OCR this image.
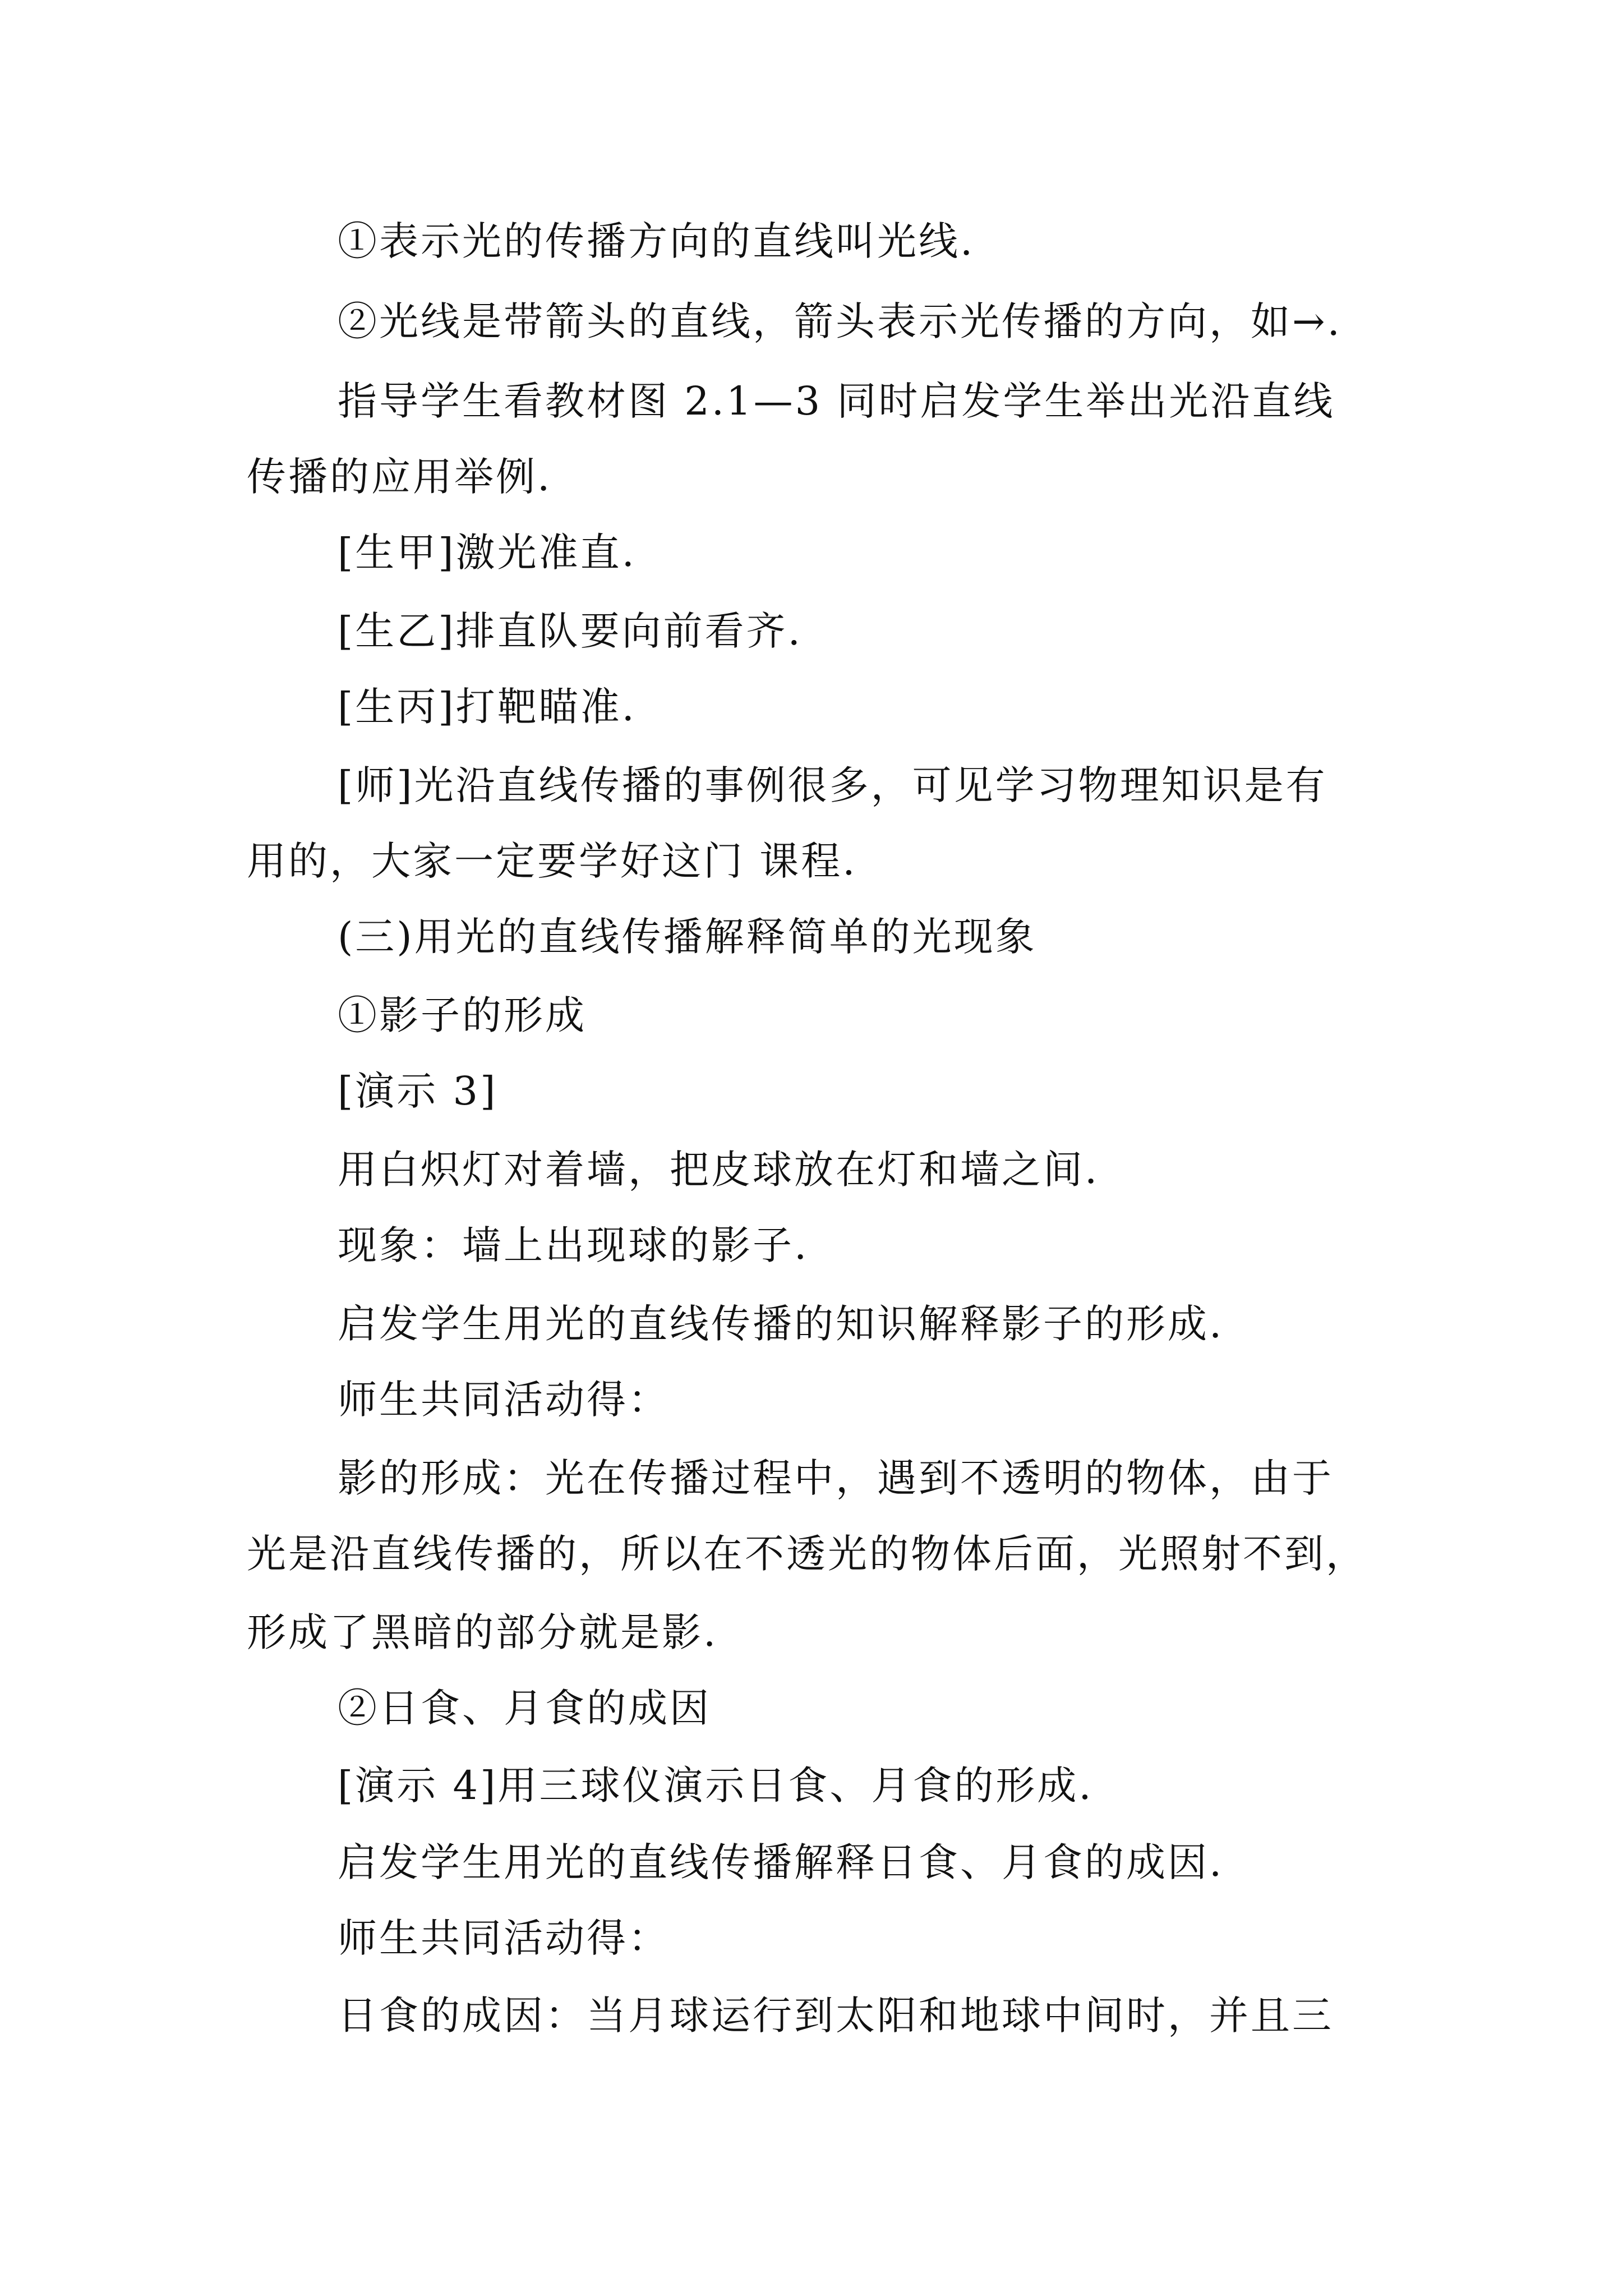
①表示光的传播方向的直线叫光线.
②光线是带箭头的直线，箭头表示光传播的方向，如→.
指导学生看教材图 2.1—3 同时启发学生举出光沿直线
传播的应用举例.
[生甲]激光准直.
[生乙]排直队要向前看齐.
[生丙]打靶瞄准.
[师]光沿直线传播的事例很多，可见学习物理知识是有
用的，大家一定要学好这门 课程.
(三)用光的直线传播解释简单的光现象
①影子的形成
[演示 3]
用白炽灯对着墙，把皮球放在灯和墙之间.
现象：墙上出现球的影子.
启发学生用光的直线传播的知识解释影子的形成.
师生共同活动得：
影的形成：光在传播过程中，遇到不透明的物体，由于
光是沿直线传播的，所以在不透光的物体后面，光照射不到，
形成了黑暗的部分就是影.
②日食、月食的成因
[演示 4]用三球仪演示日食、月食的形成.
启发学生用光的直线传播解释日食、月食的成因.
师生共同活动得：
日食的成因：当月球运行到太阳和地球中间时，并且三
